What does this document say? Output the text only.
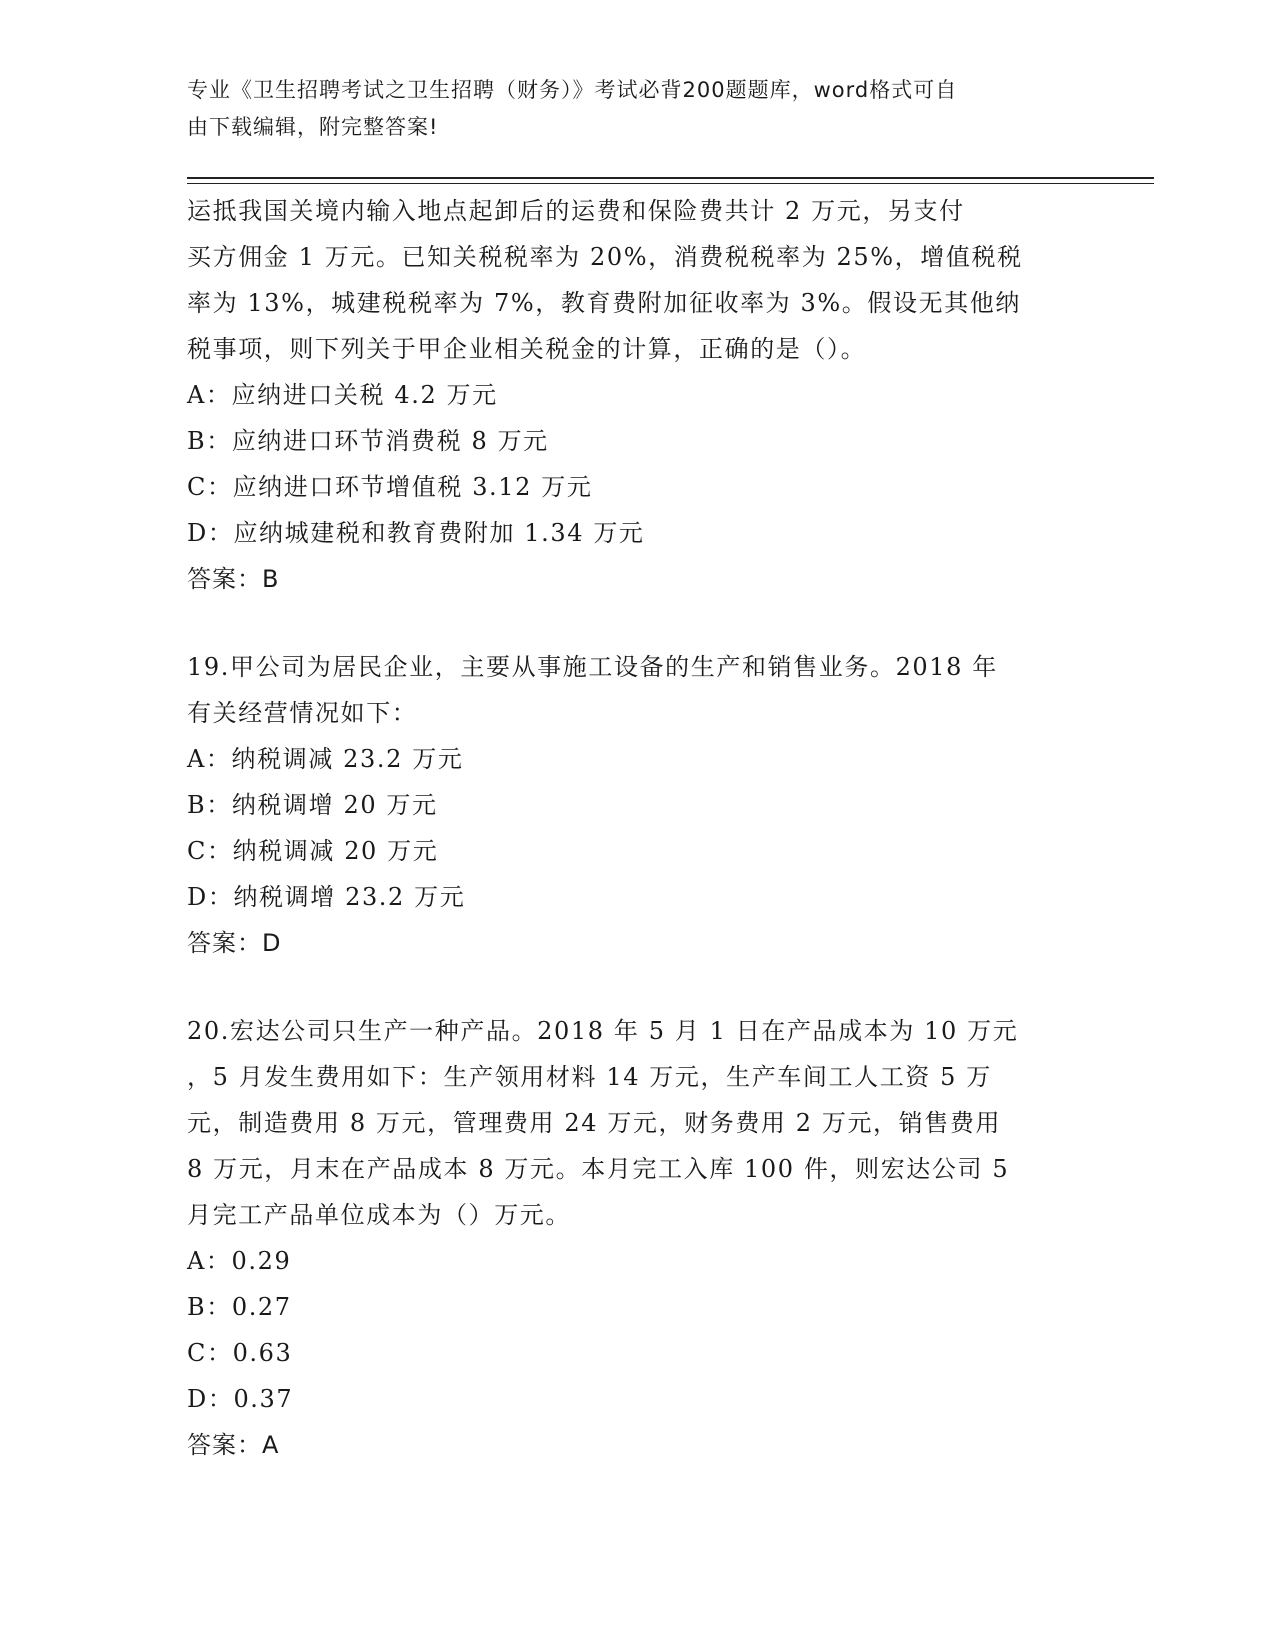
专业《卫生招聘考试之卫生招聘（财务）》考试必背200题题库，word格式可自
由下载编辑，附完整答案!

运抵我国关境内输入地点起卸后的运费和保险费共计 2 万元，另支付

买方佣金 1 万元。已知关税税率为 20%，消费税税率为 25%，增值税税

率为 13%，城建税税率为 7%，教育费附加征收率为 3%。假设无其他纳

税事项，则下列关于甲企业相关税金的计算，正确的是（）。

A：应纳进口关税 4.2 万元

B：应纳进口环节消费税 8 万元

C：应纳进口环节增值税 3.12 万元

D：应纳城建税和教育费附加 1.34 万元

答案：B

19.甲公司为居民企业，主要从事施工设备的生产和销售业务。2018 年

有关经营情况如下：

A：纳税调减 23.2 万元

B：纳税调增 20 万元

C：纳税调减 20 万元

D：纳税调增 23.2 万元

答案：D

20.宏达公司只生产一种产品。2018 年 5 月 1 日在产品成本为 10 万元

，5 月发生费用如下：生产领用材料 14 万元，生产车间工人工资 5 万

元，制造费用 8 万元，管理费用 24 万元，财务费用 2 万元，销售费用

8 万元，月末在产品成本 8 万元。本月完工入库 100 件，则宏达公司 5

月完工产品单位成本为（）万元。

A：0.29

B：0.27

C：0.63

D：0.37

答案：A
